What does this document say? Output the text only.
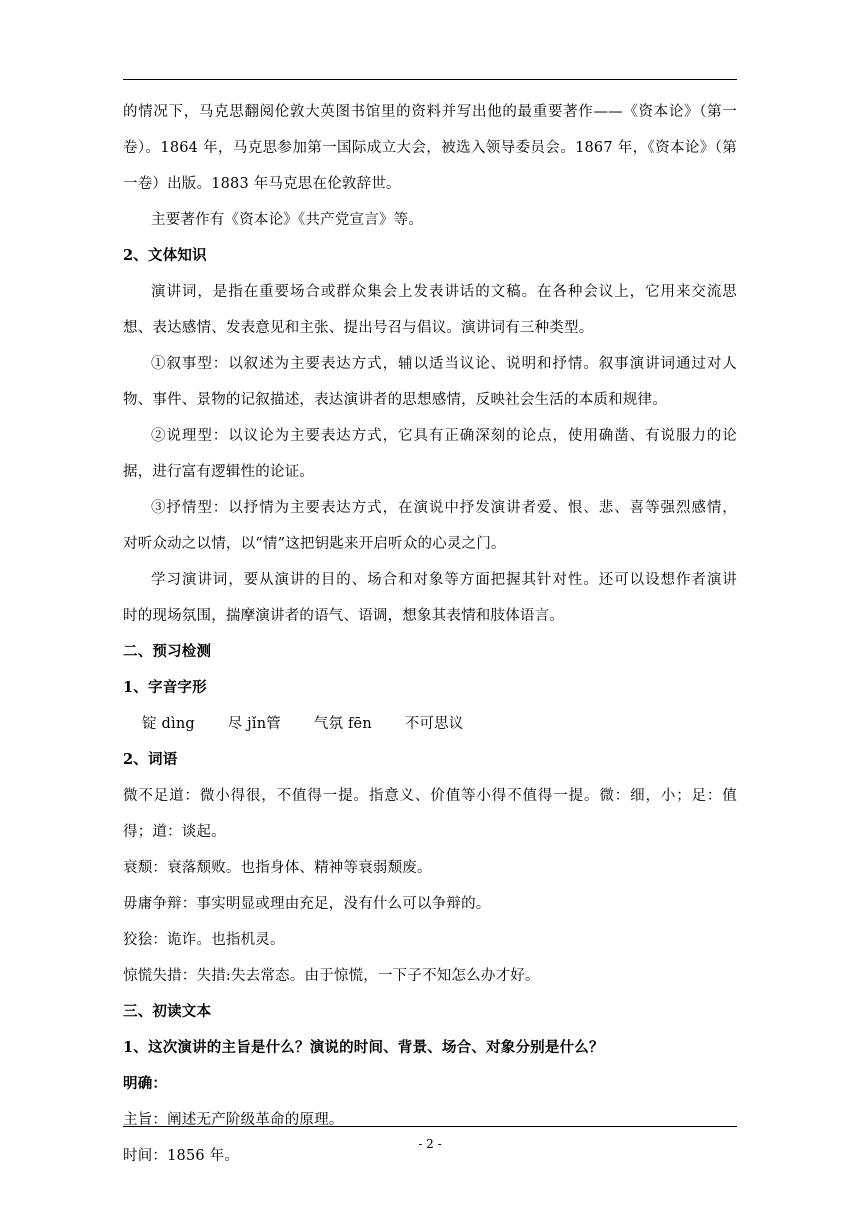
的情况下，马克思翻阅伦敦大英图书馆里的资料并写出他的最重要著作——《资本论》（第一
卷）。1864 年，马克思参加第一国际成立大会，被选入领导委员会。1867 年，《资本论》（第
一卷）出版。1883 年马克思在伦敦辞世。
主要著作有《资本论》《共产党宣言》等。
2、文体知识
演讲词，是指在重要场合或群众集会上发表讲话的文稿。在各种会议上，它用来交流思
想、表达感情、发表意见和主张、提出号召与倡议。演讲词有三种类型。
①叙事型：以叙述为主要表达方式，辅以适当议论、说明和抒情。叙事演讲词通过对人
物、事件、景物的记叙描述，表达演讲者的思想感情，反映社会生活的本质和规律。
②说理型：以议论为主要表达方式，它具有正确深刻的论点，使用确凿、有说服力的论
据，进行富有逻辑性的论证。
③抒情型：以抒情为主要表达方式，在演说中抒发演讲者爱、恨、悲、喜等强烈感情，
对听众动之以情，以“情”这把钥匙来开启听众的心灵之门。
学习演讲词，要从演讲的目的、场合和对象等方面把握其针对性。还可以设想作者演讲
时的现场氛围，揣摩演讲者的语气、语调，想象其表情和肢体语言。
二、预习检测
1、字音字形
锭 dìng 尽 jǐn管 气氛 fēn 不可思议
2、词语
微不足道：微小得很，不值得一提。指意义、价值等小得不值得一提。微：细，小；足：值
得；道：谈起。
衰颓：衰落颓败。也指身体、精神等衰弱颓废。
毋庸争辩：事实明显或理由充足，没有什么可以争辩的。
狡狯：诡诈。也指机灵。
惊慌失措：失措:失去常态。由于惊慌，一下子不知怎么办才好。
三、初读文本
1、这次演讲的主旨是什么？演说的时间、背景、场合、对象分别是什么？
明确：
主旨：阐述无产阶级革命的原理。
时间：1856 年。
- 2 -
